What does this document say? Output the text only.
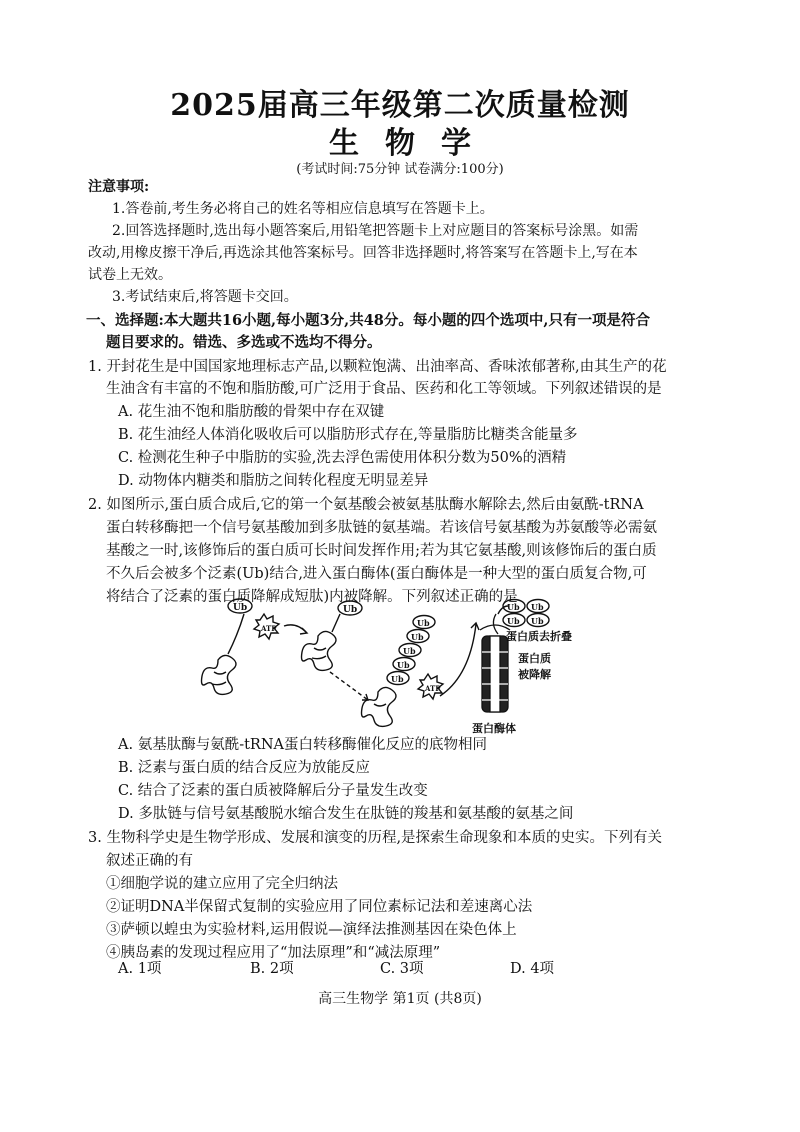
2025届高三年级第二次质量检测
生物学
(考试时间:75分钟 试卷满分:100分)
注意事项:
1.答卷前,考生务必将自己的姓名等相应信息填写在答题卡上。
2.回答选择题时,选出每小题答案后,用铅笔把答题卡上对应题目的答案标号涂黑。如需
改动,用橡皮擦干净后,再选涂其他答案标号。回答非选择题时,将答案写在答题卡上,写在本
试卷上无效。
3.考试结束后,将答题卡交回。
一、选择题:本大题共16小题,每小题3分,共48分。每小题的四个选项中,只有一项是符合
题目要求的。错选、多选或不选均不得分。
1. 开封花生是中国国家地理标志产品,以颗粒饱满、出油率高、香味浓郁著称,由其生产的花
生油含有丰富的不饱和脂肪酸,可广泛用于食品、医药和化工等领域。下列叙述错误的是
A. 花生油不饱和脂肪酸的骨架中存在双键
B. 花生油经人体消化吸收后可以脂肪形式存在,等量脂肪比糖类含能量多
C. 检测花生种子中脂肪的实验,洗去浮色需使用体积分数为50%的酒精
D. 动物体内糖类和脂肪之间转化程度无明显差异
2. 如图所示,蛋白质合成后,它的第一个氨基酸会被氨基肽酶水解除去,然后由氨酰-tRNA
蛋白转移酶把一个信号氨基酸加到多肽链的氨基端。若该信号氨基酸为苏氨酸等必需氨
基酸之一时,该修饰后的蛋白质可长时间发挥作用;若为其它氨基酸,则该修饰后的蛋白质
不久后会被多个泛素(Ub)结合,进入蛋白酶体(蛋白酶体是一种大型的蛋白质复合物,可
将结合了泛素的蛋白质降解成短肽)内被降解。下列叙述正确的是
Ub	Ub
Ub
Ub
Ub
Ub
Ub
Ub Ub
Ub Ub
ATP
ATP
蛋白质去折叠
蛋白质
被降解
蛋白酶体
A. 氨基肽酶与氨酰-tRNA蛋白转移酶催化反应的底物相同
B. 泛素与蛋白质的结合反应为放能反应
C. 结合了泛素的蛋白质被降解后分子量发生改变
D. 多肽链与信号氨基酸脱水缩合发生在肽链的羧基和氨基酸的氨基之间
3. 生物科学史是生物学形成、发展和演变的历程,是探索生命现象和本质的史实。下列有关
叙述正确的有
①细胞学说的建立应用了完全归纳法
②证明DNA半保留式复制的实验应用了同位素标记法和差速离心法
③萨顿以蝗虫为实验材料,运用假说—演绎法推测基因在染色体上
④胰岛素的发现过程应用了“加法原理”和“减法原理”
A. 1项	B. 2项	C. 3项	D. 4项
高三生物学 第1页 (共8页)
